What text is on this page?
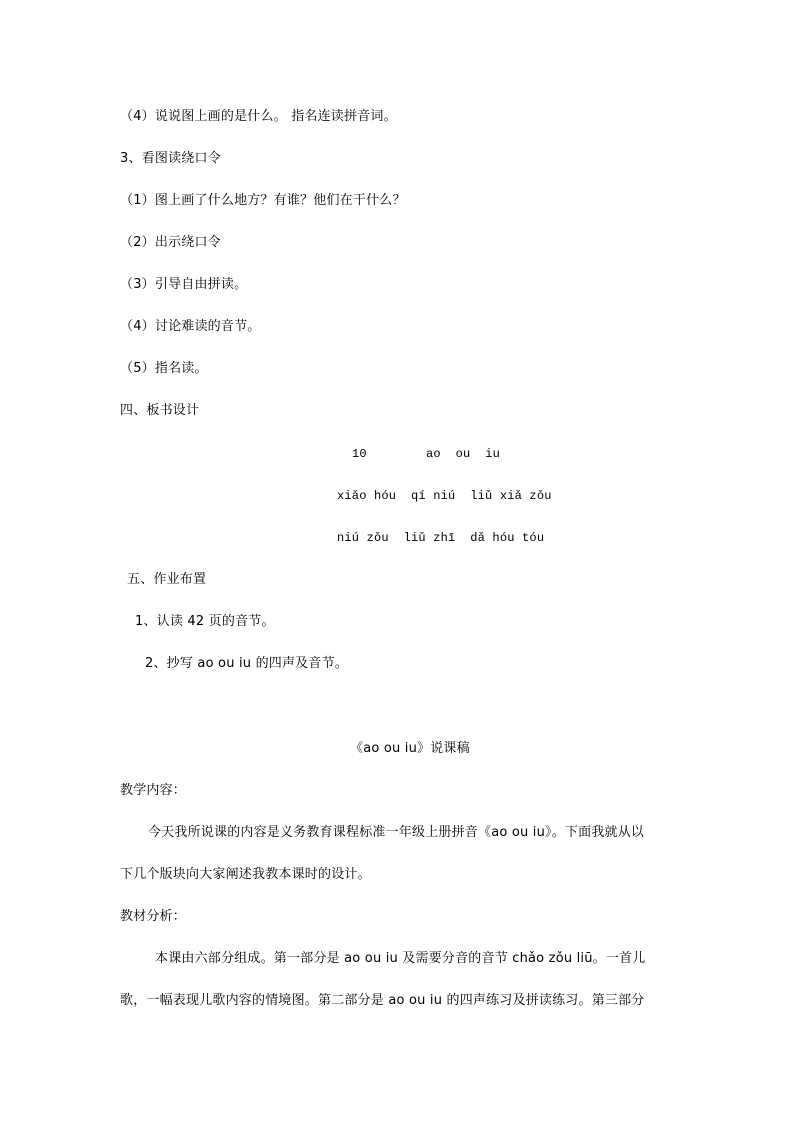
（4）说说图上画的是什么。 指名连读拼音词。
3、看图读绕口令
（1）图上画了什么地方？有谁？他们在干什么？
（2）出示绕口令
（3）引导自由拼读。
（4）讨论难读的音节。
（5）指名读。
四、板书设计
10        ao  ou  iu
xiǎo hóu  qí niú  liǔ xiǎ zǒu
niú zǒu  liǔ zhī  dǎ hóu tóu
五、作业布置
1、认读 42 页的音节。
2、抄写 ao ou iu 的四声及音节。
《ao ou iu》说课稿
教学内容：
今天我所说课的内容是义务教育课程标准一年级上册拼音《ao ou iu》。下面我就从以
下几个版块向大家阐述我教本课时的设计。
教材分析：
本课由六部分组成。第一部分是 ao ou iu 及需要分音的音节 chǎo zǒu liū。一首儿
歌，一幅表现儿歌内容的情境图。第二部分是 ao ou iu 的四声练习及拼读练习。第三部分
